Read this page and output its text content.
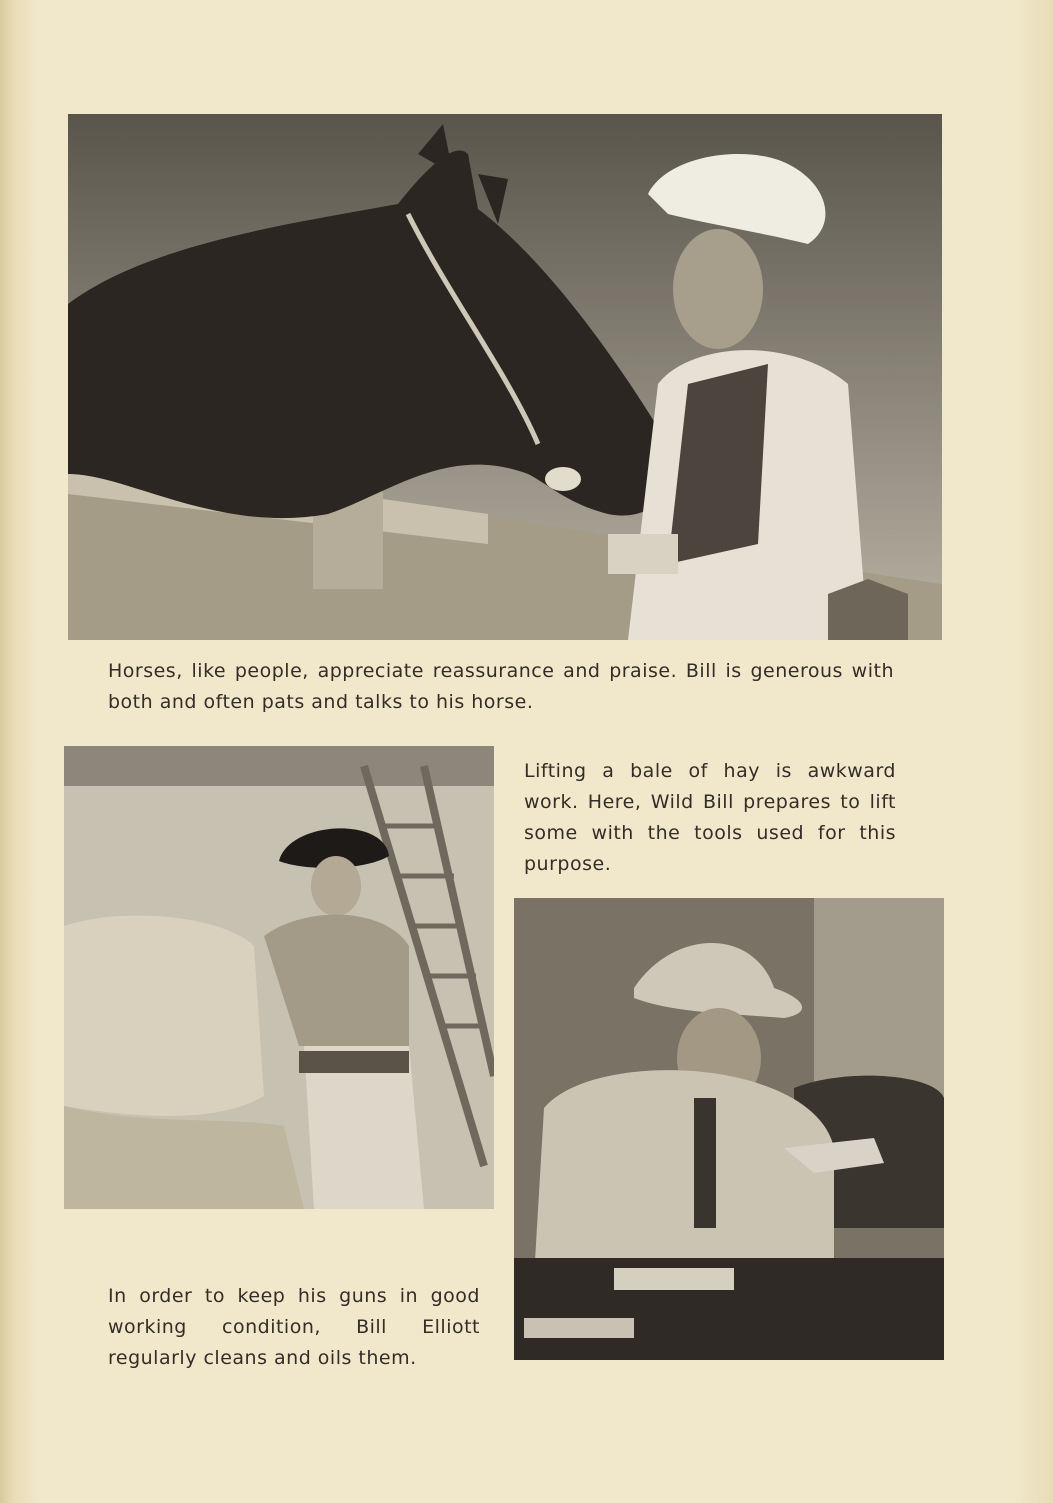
Horses, like people, appreciate reassurance and praise. Bill is generous with both and often pats and talks to his horse.

Lifting a bale of hay is awkward work. Here, Wild Bill prepares to lift some with the tools used for this purpose.

In order to keep his guns in good working condition, Bill Elliott regularly cleans and oils them.
